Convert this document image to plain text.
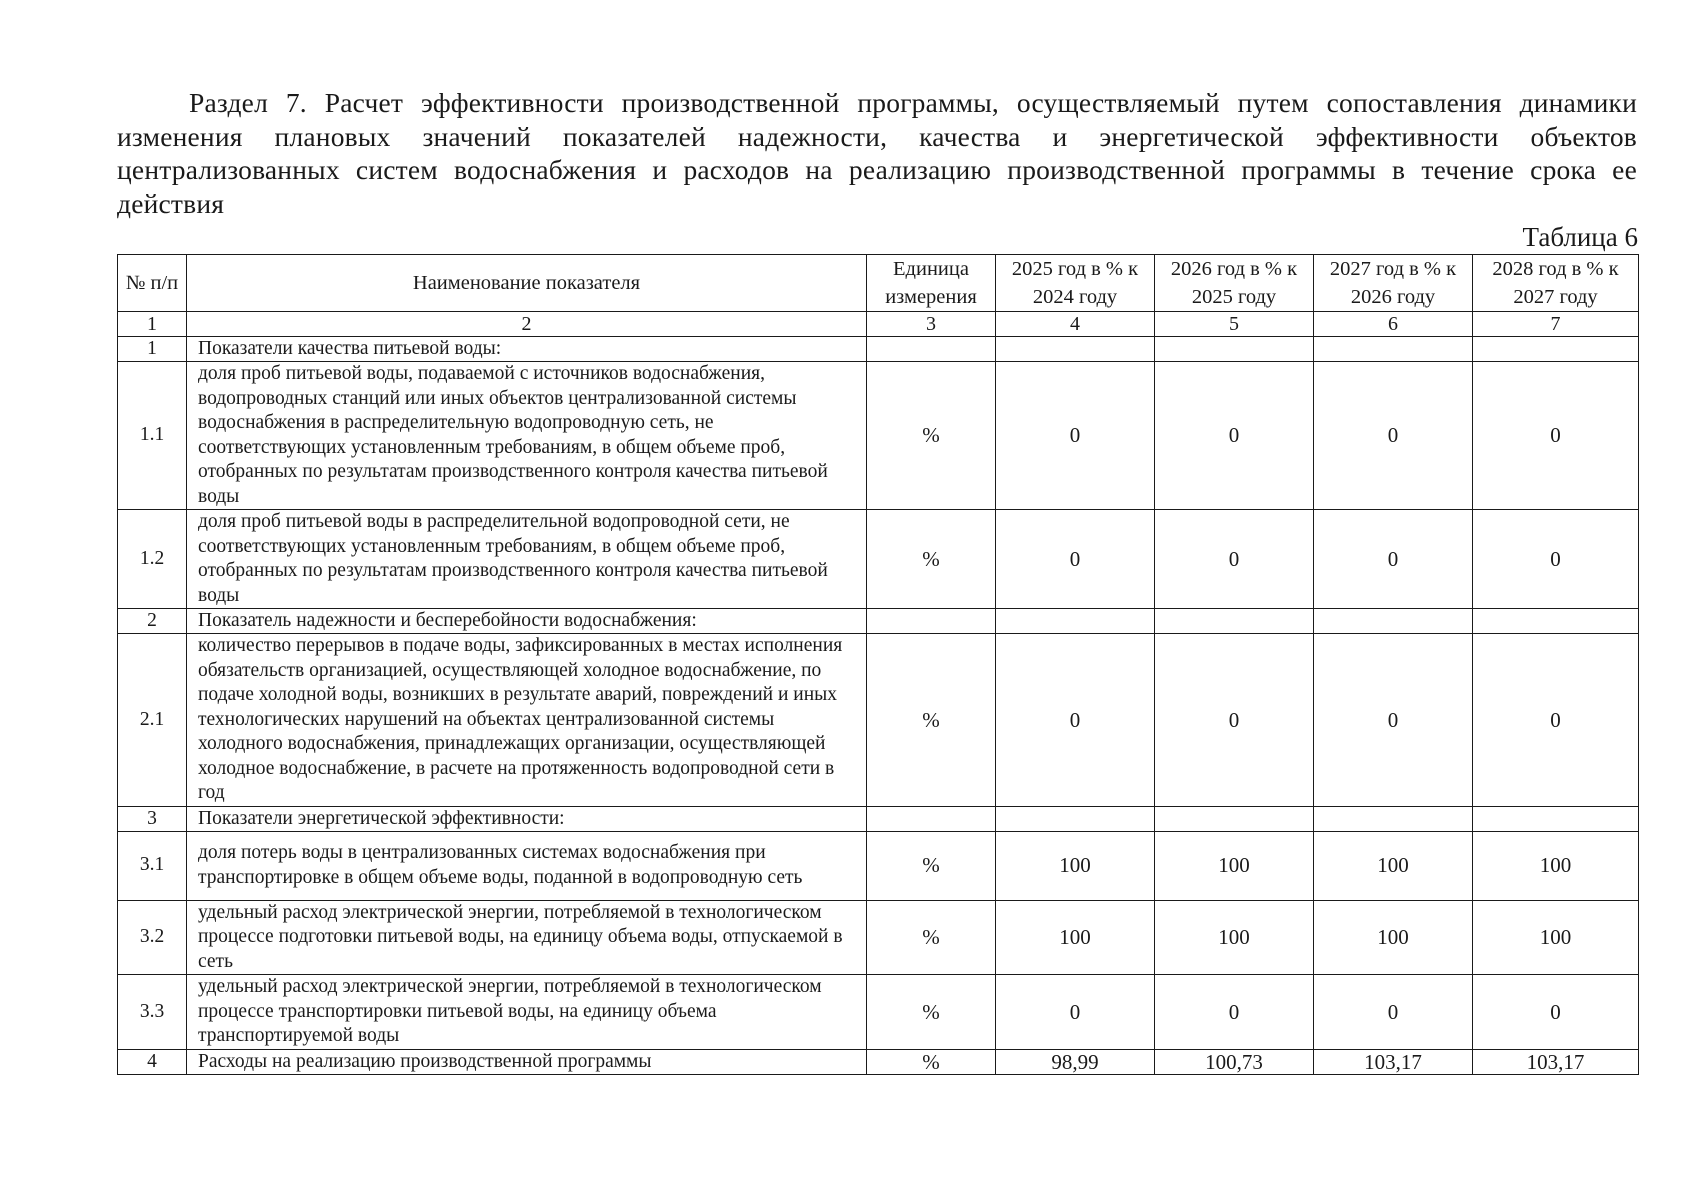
Раздел 7. Расчет эффективности производственной программы, осуществляемый путем сопоставления динамики изменения плановых значений показателей надежности, качества и энергетической эффективности объектов централизованных систем водоснабжения и расходов на реализацию производственной программы в течение срока ее действия

Таблица 6
№ п/п	Наименование показателя	Единица измерения	2025 год в % к 2024 году	2026 год в % к 2025 году	2027 год в % к 2026 году	2028 год в % к 2027 году
1	2	3	4	5	6	7
1	Показатели качества питьевой воды:					
1.1	доля проб питьевой воды, подаваемой с источников водоснабжения, водопроводных станций или иных объектов централизованной системы водоснабжения в распределительную водопроводную сеть, не соответствующих установленным требованиям, в общем объеме проб, отобранных по результатам производственного контроля качества питьевой воды	%	0	0	0	0
1.2	доля проб питьевой воды в распределительной водопроводной сети, не соответствующих установленным требованиям, в общем объеме проб, отобранных по результатам производственного контроля качества питьевой воды	%	0	0	0	0
2	Показатель надежности и бесперебойности водоснабжения:					
2.1	количество перерывов в подаче воды, зафиксированных в местах исполнения обязательств организацией, осуществляющей холодное водоснабжение, по подаче холодной воды, возникших в результате аварий, повреждений и иных технологических нарушений на объектах централизованной системы холодного водоснабжения, принадлежащих организации, осуществляющей холодное водоснабжение, в расчете на протяженность водопроводной сети в год	%	0	0	0	0
3	Показатели энергетической эффективности:					
3.1	доля потерь воды в централизованных системах водоснабжения при транспортировке в общем объеме воды, поданной в водопроводную сеть	%	100	100	100	100
3.2	удельный расход электрической энергии, потребляемой в технологическом процессе подготовки питьевой воды, на единицу объема воды, отпускаемой в сеть	%	100	100	100	100
3.3	удельный расход электрической энергии, потребляемой в технологическом процессе транспортировки питьевой воды, на единицу объема транспортируемой воды	%	0	0	0	0
4	Расходы на реализацию производственной программы	%	98,99	100,73	103,17	103,17
